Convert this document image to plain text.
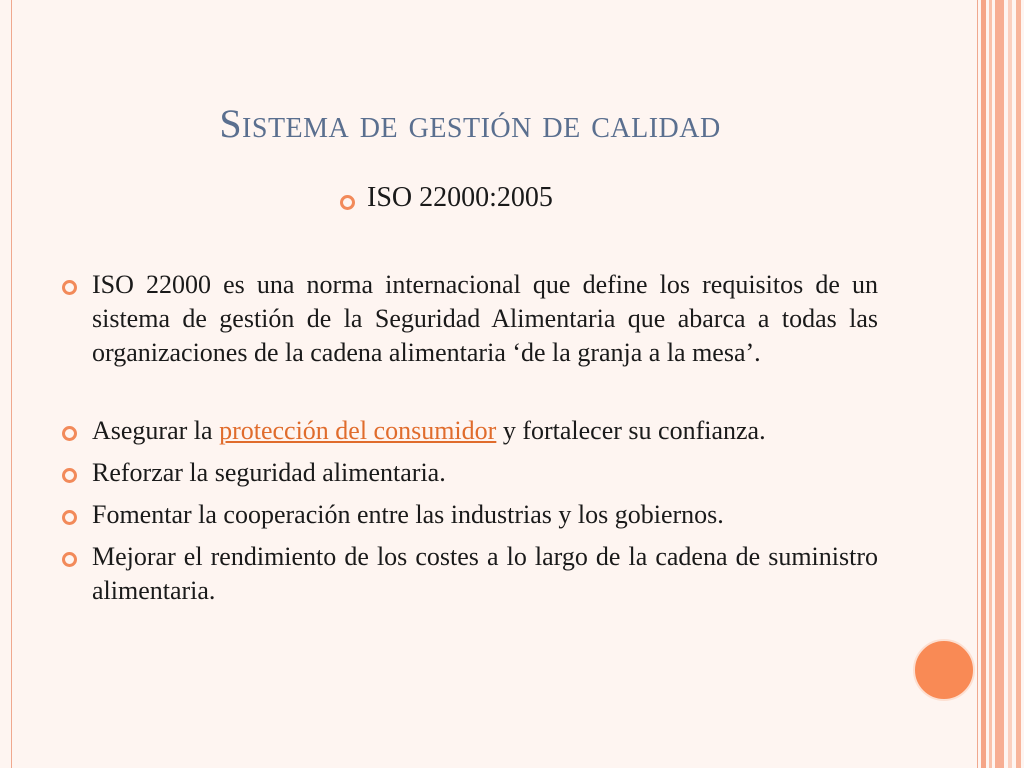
Sistema de gestión de calidad
ISO 22000:2005
ISO 22000 es una norma internacional que define los requisitos de un sistema de gestión de la Seguridad Alimentaria que abarca a todas las organizaciones de la cadena alimentaria ‘de la granja a la mesa’.
Asegurar la protección del consumidor y fortalecer su confianza.
Reforzar la seguridad alimentaria.
Fomentar la cooperación entre las industrias y los gobiernos.
Mejorar el rendimiento de los costes a lo largo de la cadena de suministro alimentaria.
